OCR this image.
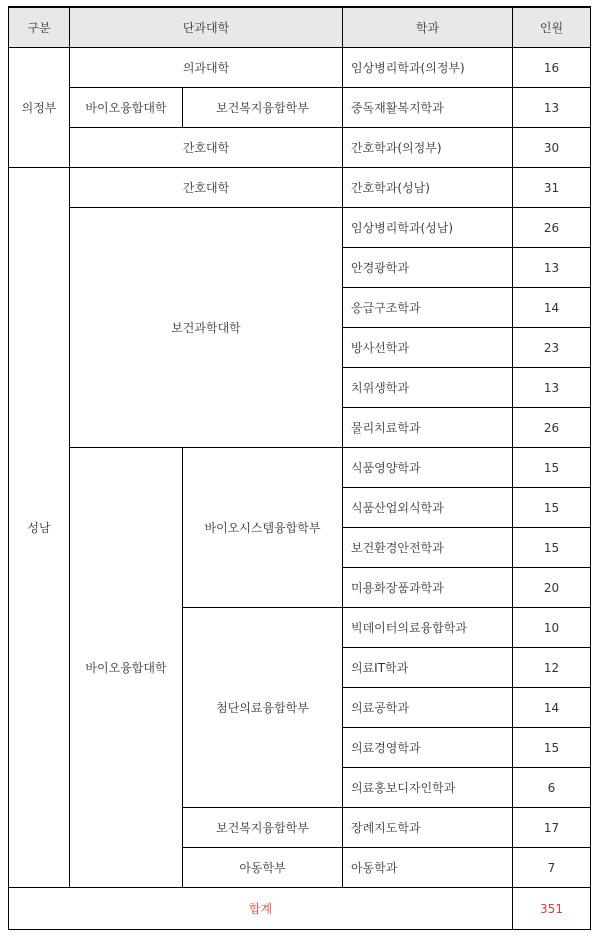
구분	단과대학		학과	인원
의정부	의과대학		임상병리학과(의정부)	16
	바이오융합대학	보건복지융합학부	중독재활복지학과	13
	간호대학		간호학과(의정부)	30
성남	간호대학		간호학과(성남)	31
	보건과학대학		임상병리학과(성남)	26
			안경광학과	13
			응급구조학과	14
			방사선학과	23
			치위생학과	13
			물리치료학과	26
	바이오융합대학	바이오시스템융합학부	식품영양학과	15
			식품산업외식학과	15
			보건환경안전학과	15
			미용화장품과학과	20
		첨단의료융합학부	빅데이터의료융합학과	10
			의료IT학과	12
			의료공학과	14
			의료경영학과	15
			의료홍보디자인학과	6
		보건복지융합학부	장례지도학과	17
		아동학부	아동학과	7
합계				351
